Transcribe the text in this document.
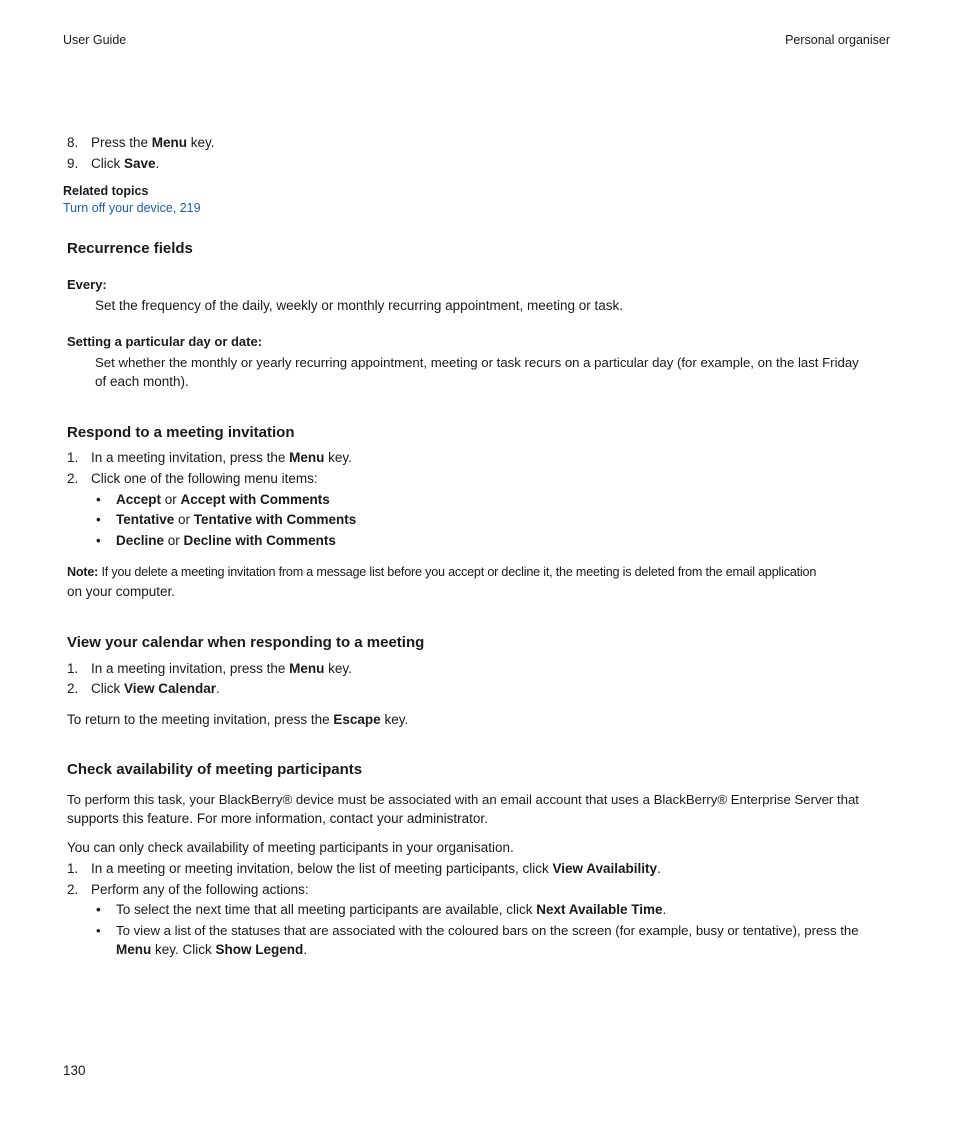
User Guide	Personal organiser
8. Press the Menu key.
9. Click Save.
Related topics
Turn off your device, 219
Recurrence fields
Every:
Set the frequency of the daily, weekly or monthly recurring appointment, meeting or task.
Setting a particular day or date:
Set whether the monthly or yearly recurring appointment, meeting or task recurs on a particular day (for example, on the last Friday
of each month).
Respond to a meeting invitation
1. In a meeting invitation, press the Menu key.
2. Click one of the following menu items:
• Accept or Accept with Comments
• Tentative or Tentative with Comments
• Decline or Decline with Comments
Note: If you delete a meeting invitation from a message list before you accept or decline it, the meeting is deleted from the email application
on your computer.
View your calendar when responding to a meeting
1. In a meeting invitation, press the Menu key.
2. Click View Calendar.
To return to the meeting invitation, press the Escape key.
Check availability of meeting participants
To perform this task, your BlackBerry® device must be associated with an email account that uses a BlackBerry® Enterprise Server that
supports this feature. For more information, contact your administrator.
You can only check availability of meeting participants in your organisation.
1. In a meeting or meeting invitation, below the list of meeting participants, click View Availability.
2. Perform any of the following actions:
• To select the next time that all meeting participants are available, click Next Available Time.
• To view a list of the statuses that are associated with the coloured bars on the screen (for example, busy or tentative), press the
Menu key. Click Show Legend.
130
